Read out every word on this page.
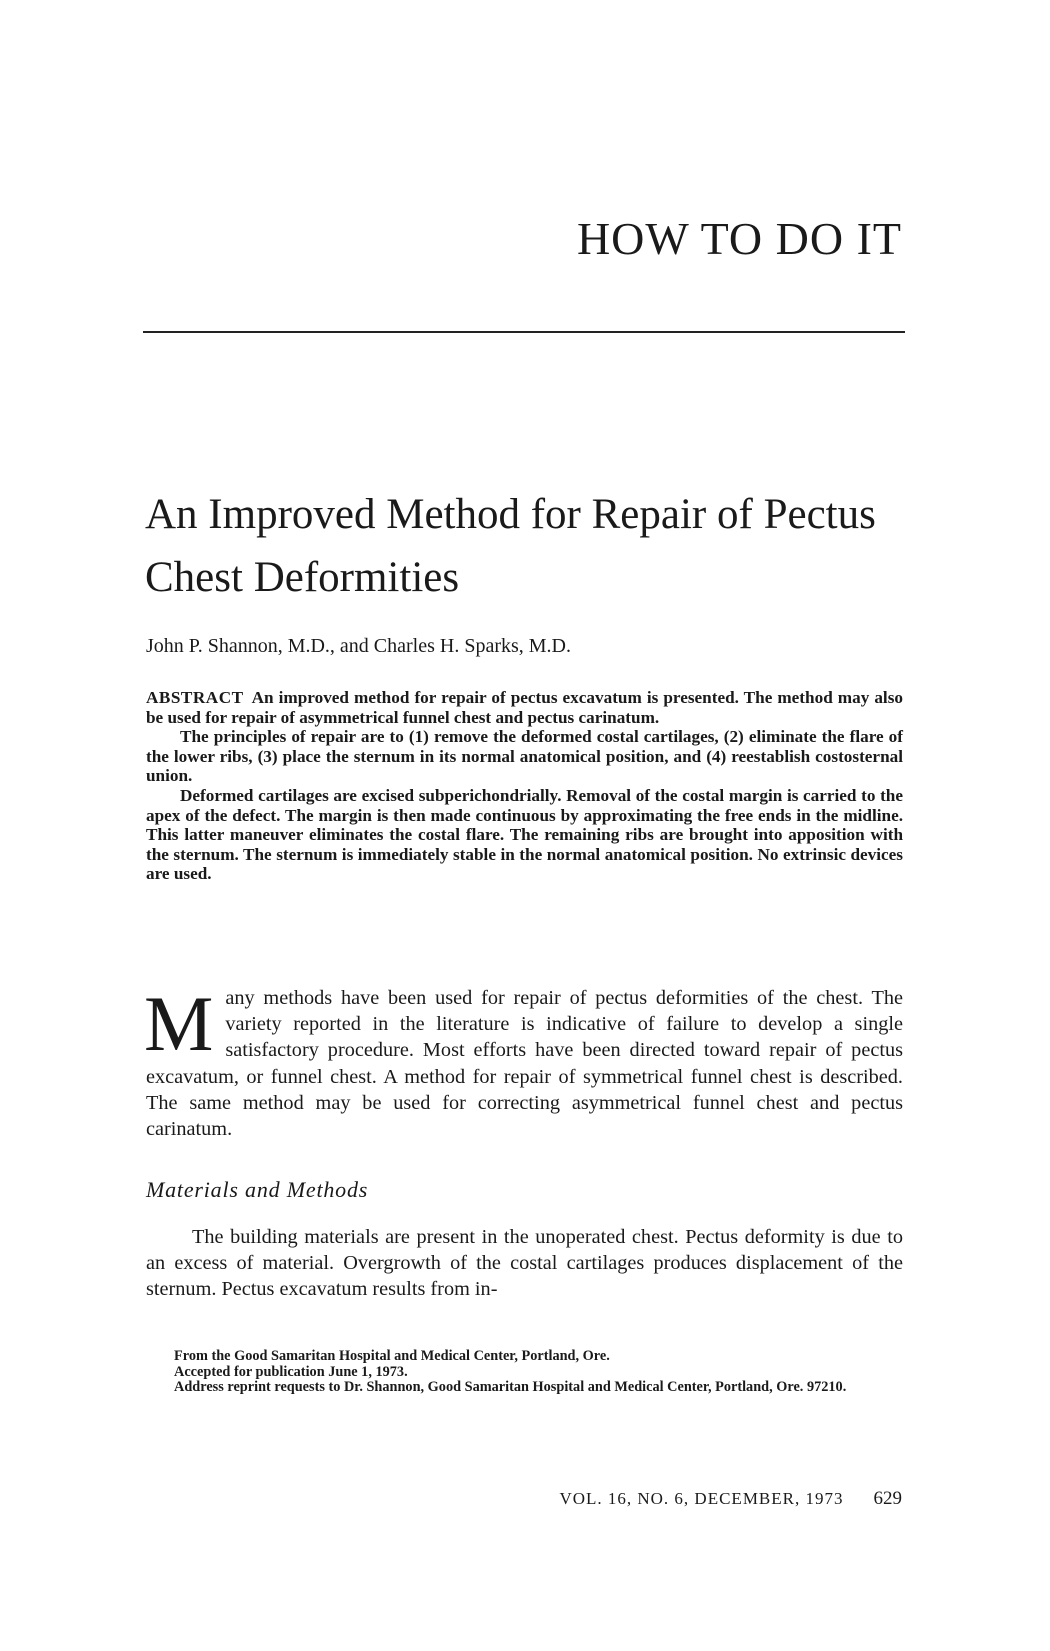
HOW TO DO IT
An Improved Method for Repair of Pectus Chest Deformities

John P. Shannon, M.D., and Charles H. Sparks, M.D.

ABSTRACT An improved method for repair of pectus excavatum is presented. The method may also be used for repair of asymmetrical funnel chest and pectus carinatum.

The principles of repair are to (1) remove the deformed costal cartilages, (2) eliminate the flare of the lower ribs, (3) place the sternum in its normal anatomical position, and (4) reestablish costosternal union.

Deformed cartilages are excised subperichondrially. Removal of the costal margin is carried to the apex of the defect. The margin is then made continuous by approximating the free ends in the midline. This latter maneuver eliminates the costal flare. The remaining ribs are brought into apposition with the sternum. The sternum is immediately stable in the normal anatomical position. No extrinsic devices are used.

Many methods have been used for repair of pectus deformities of the chest. The variety reported in the literature is indicative of failure to develop a single satisfactory procedure. Most efforts have been directed toward repair of pectus excavatum, or funnel chest. A method for repair of symmetrical funnel chest is described. The same method may be used for correcting asymmetrical funnel chest and pectus carinatum.

Materials and Methods

The building materials are present in the unoperated chest. Pectus deformity is due to an excess of material. Overgrowth of the costal cartilages produces displacement of the sternum. Pectus excavatum results from in-

From the Good Samaritan Hospital and Medical Center, Portland, Ore.

Accepted for publication June 1, 1973.

Address reprint requests to Dr. Shannon, Good Samaritan Hospital and Medical Center, Portland, Ore. 97210.

VOL. 16, NO. 6, DECEMBER, 1973 629
